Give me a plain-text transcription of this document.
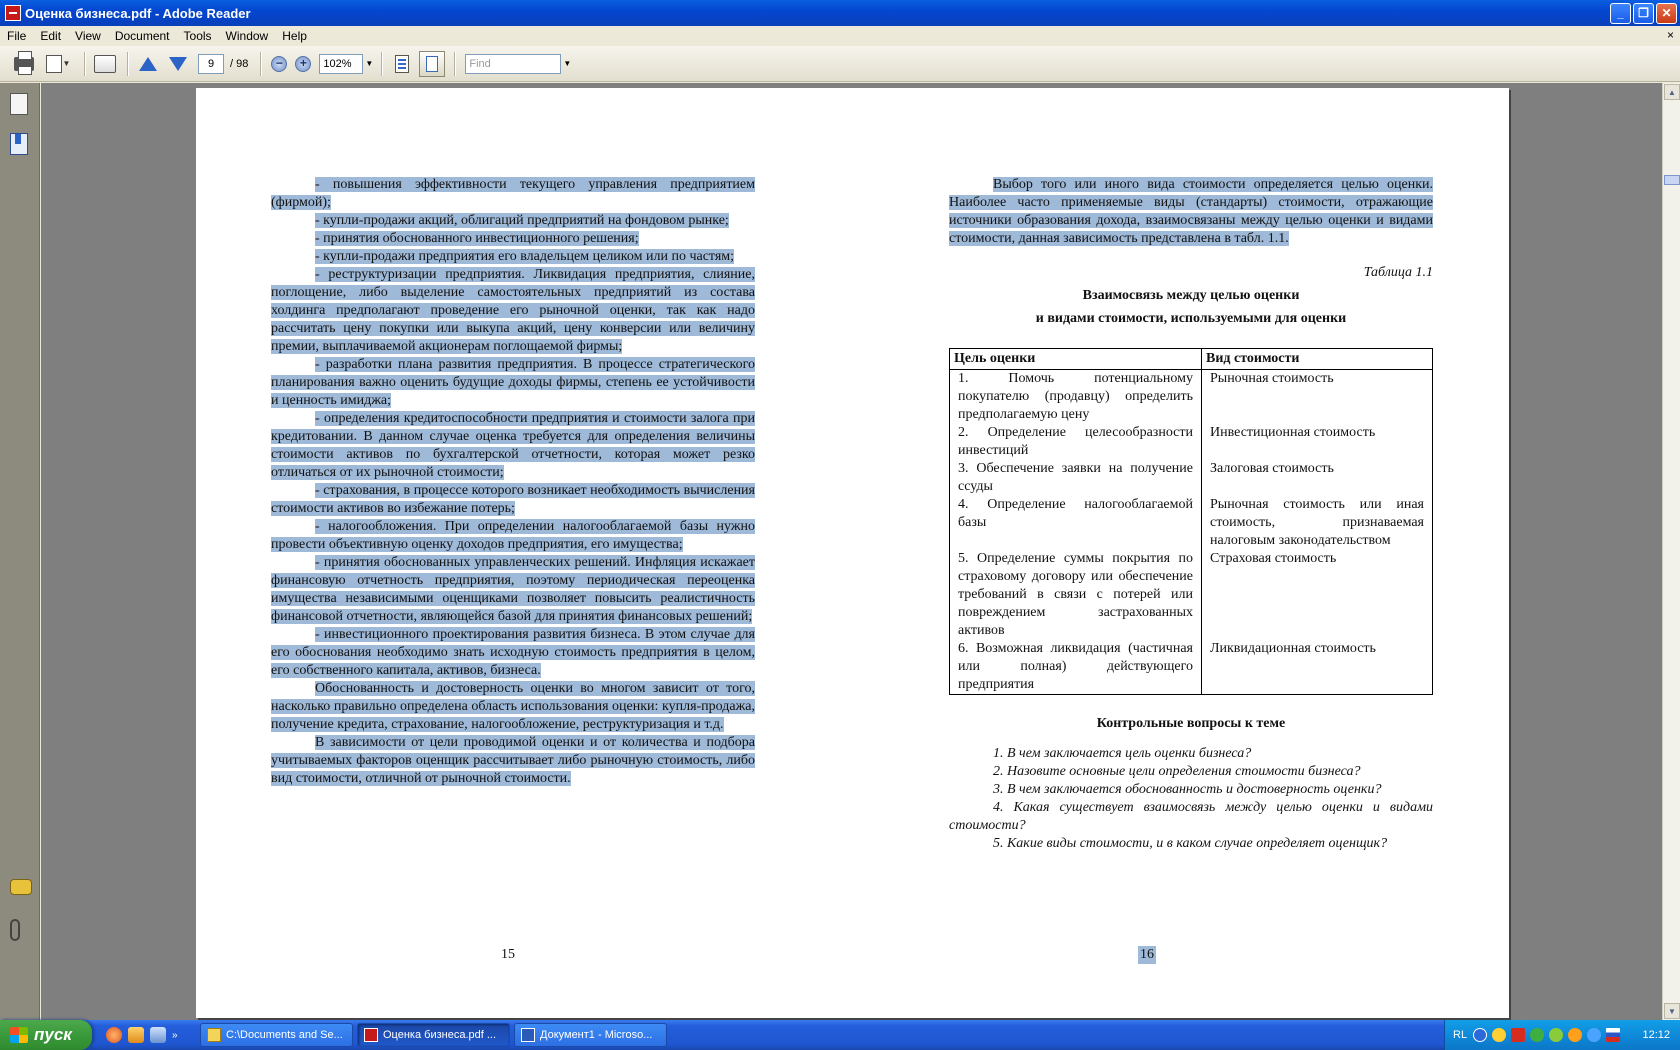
Оценка бизнеса.pdf - Adobe Reader	_	❐	✕
File	Edit	View	Document	Tools	Window	Help	×
▼	9	/ 98	−	+	102%	▼	Find	▼

- повышения эффективности текущего управления предприятием (фирмой);

- купли-продажи акций, облигаций предприятий на фондовом рынке;

- принятия обоснованного инвестиционного решения;

- купли-продажи предприятия его владельцем целиком или по частям;

- реструктуризации предприятия. Ликвидация предприятия, слияние, поглощение, либо выделение самостоятельных предприятий из состава холдинга предполагают проведение его рыночной оценки, так как надо рассчитать цену покупки или выкупа акций, цену конверсии или величину премии, выплачиваемой акционерам поглощаемой фирмы;

- разработки плана развития предприятия. В процессе стратегического планирования важно оценить будущие доходы фирмы, степень ее устойчивости и ценность имиджа;

- определения кредитоспособности предприятия и стоимости залога при кредитовании. В данном случае оценка требуется для определения величины стоимости активов по бухгалтерской отчетности, которая может резко отличаться от их рыночной стоимости;

- страхования, в процессе которого возникает необходимость вычисления стоимости активов во избежание потерь;

- налогообложения. При определении налогооблагаемой базы нужно провести объективную оценку доходов предприятия, его имущества;

- принятия обоснованных управленческих решений. Инфляция искажает финансовую отчетность предприятия, поэтому периодическая переоценка имущества независимыми оценщиками позволяет повысить реалистичность финансовой отчетности, являющейся базой для принятия финансовых решений;

- инвестиционного проектирования развития бизнеса. В этом случае для его обоснования необходимо знать исходную стоимость предприятия в целом, его собственного капитала, активов, бизнеса.

Обоснованность и достоверность оценки во многом зависит от того, насколько правильно определена область использования оценки: купля-продажа, получение кредита, страхование, налогообложение, реструктуризация и т.д.

В зависимости от цели проводимой оценки и от количества и подбора учитываемых факторов оценщик рассчитывает либо рыночную стоимость, либо вид стоимости, отличной от рыночной стоимости.

15

Выбор того или иного вида стоимости определяется целью оценки. Наиболее часто применяемые виды (стандарты) стоимости, отражающие источники образования дохода, взаимосвязаны между целью оценки и видами стоимости, данная зависимость представлена в табл. 1.1.

Таблица 1.1
Взаимосвязь между целью оценки
и видами стоимости, используемыми для оценки
Цель оценки	Вид стоимости
1. Помочь потенциальному покупателю (продавцу) определить предполагаемую цену	Рыночная стоимость
2. Определение целесообразности инвестиций	Инвестиционная стоимость
3. Обеспечение заявки на получение ссуды	Залоговая стоимость
4. Определение налогооблагаемой базы	Рыночная стоимость или иная стоимость, признаваемая налоговым законодательством
5. Определение суммы покрытия по страховому договору или обеспечение требований в связи с потерей или повреждением застрахованных активов	Страховая стоимость
6. Возможная ликвидация (частичная или полная) действующего предприятия	Ликвидационная стоимость
Контрольные вопросы к теме

1. В чем заключается цель оценки бизнеса?

2. Назовите основные цели определения стоимости бизнеса?

3. В чем заключается обоснованность и достоверность оценки?

4. Какая существует взаимосвязь между целью оценки и видами стоимости?

5. Какие виды стоимости, и в каком случае определяет оценщик?

16
▲
▼
пуск	»	C:\Documents and Se...	Оценка бизнеса.pdf ...	Документ1 - Microso...	RL	12:12
